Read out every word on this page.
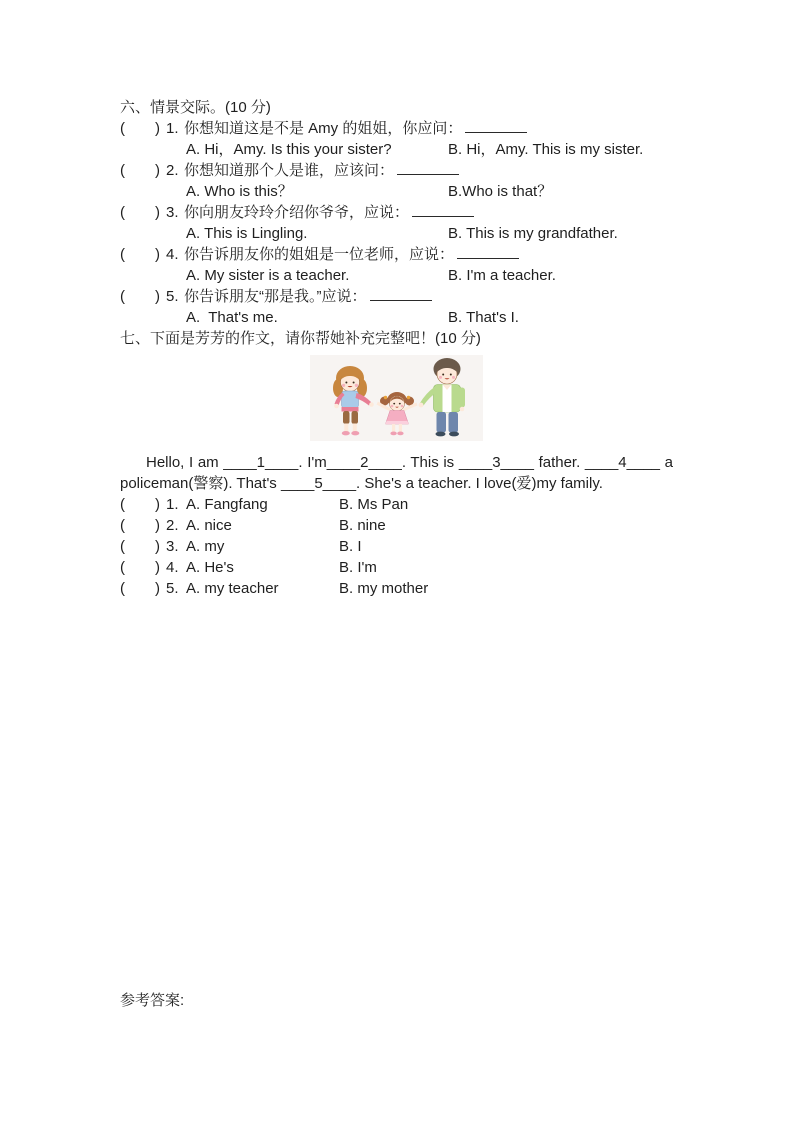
六、情景交际。(10 分)
( ) 1. 你想知道这是不是 Amy 的姐姐，你应问：
A. Hi，Amy. Is this your sister?	B. Hi，Amy. This is my sister.
( ) 2. 你想知道那个人是谁，应该问：
A. Who is this？	B.Who is that？
( ) 3. 你向朋友玲玲介绍你爷爷，应说：
A. This is Lingling.	B. This is my grandfather.
( ) 4. 你告诉朋友你的姐姐是一位老师，应说：
A. My sister is a teacher.	B. I'm a teacher.
( ) 5. 你告诉朋友“那是我。”应说：
A.  That's me.	B. That's I.
七、下面是芳芳的作文，请你帮她补充完整吧！(10 分)
Hello, I am ____1____. I'm____2____. This is ____3____ father. ____4____ a
policeman(警察). That's ____5____. She's a teacher. I love(爱)my family.
( ) 1. A. Fangfang	B. Ms Pan
( ) 2. A. nice	B. nine
( ) 3. A. my	B. I
( ) 4. A. He's	B. I'm
( ) 5. A. my teacher	B. my mother
参考答案:
